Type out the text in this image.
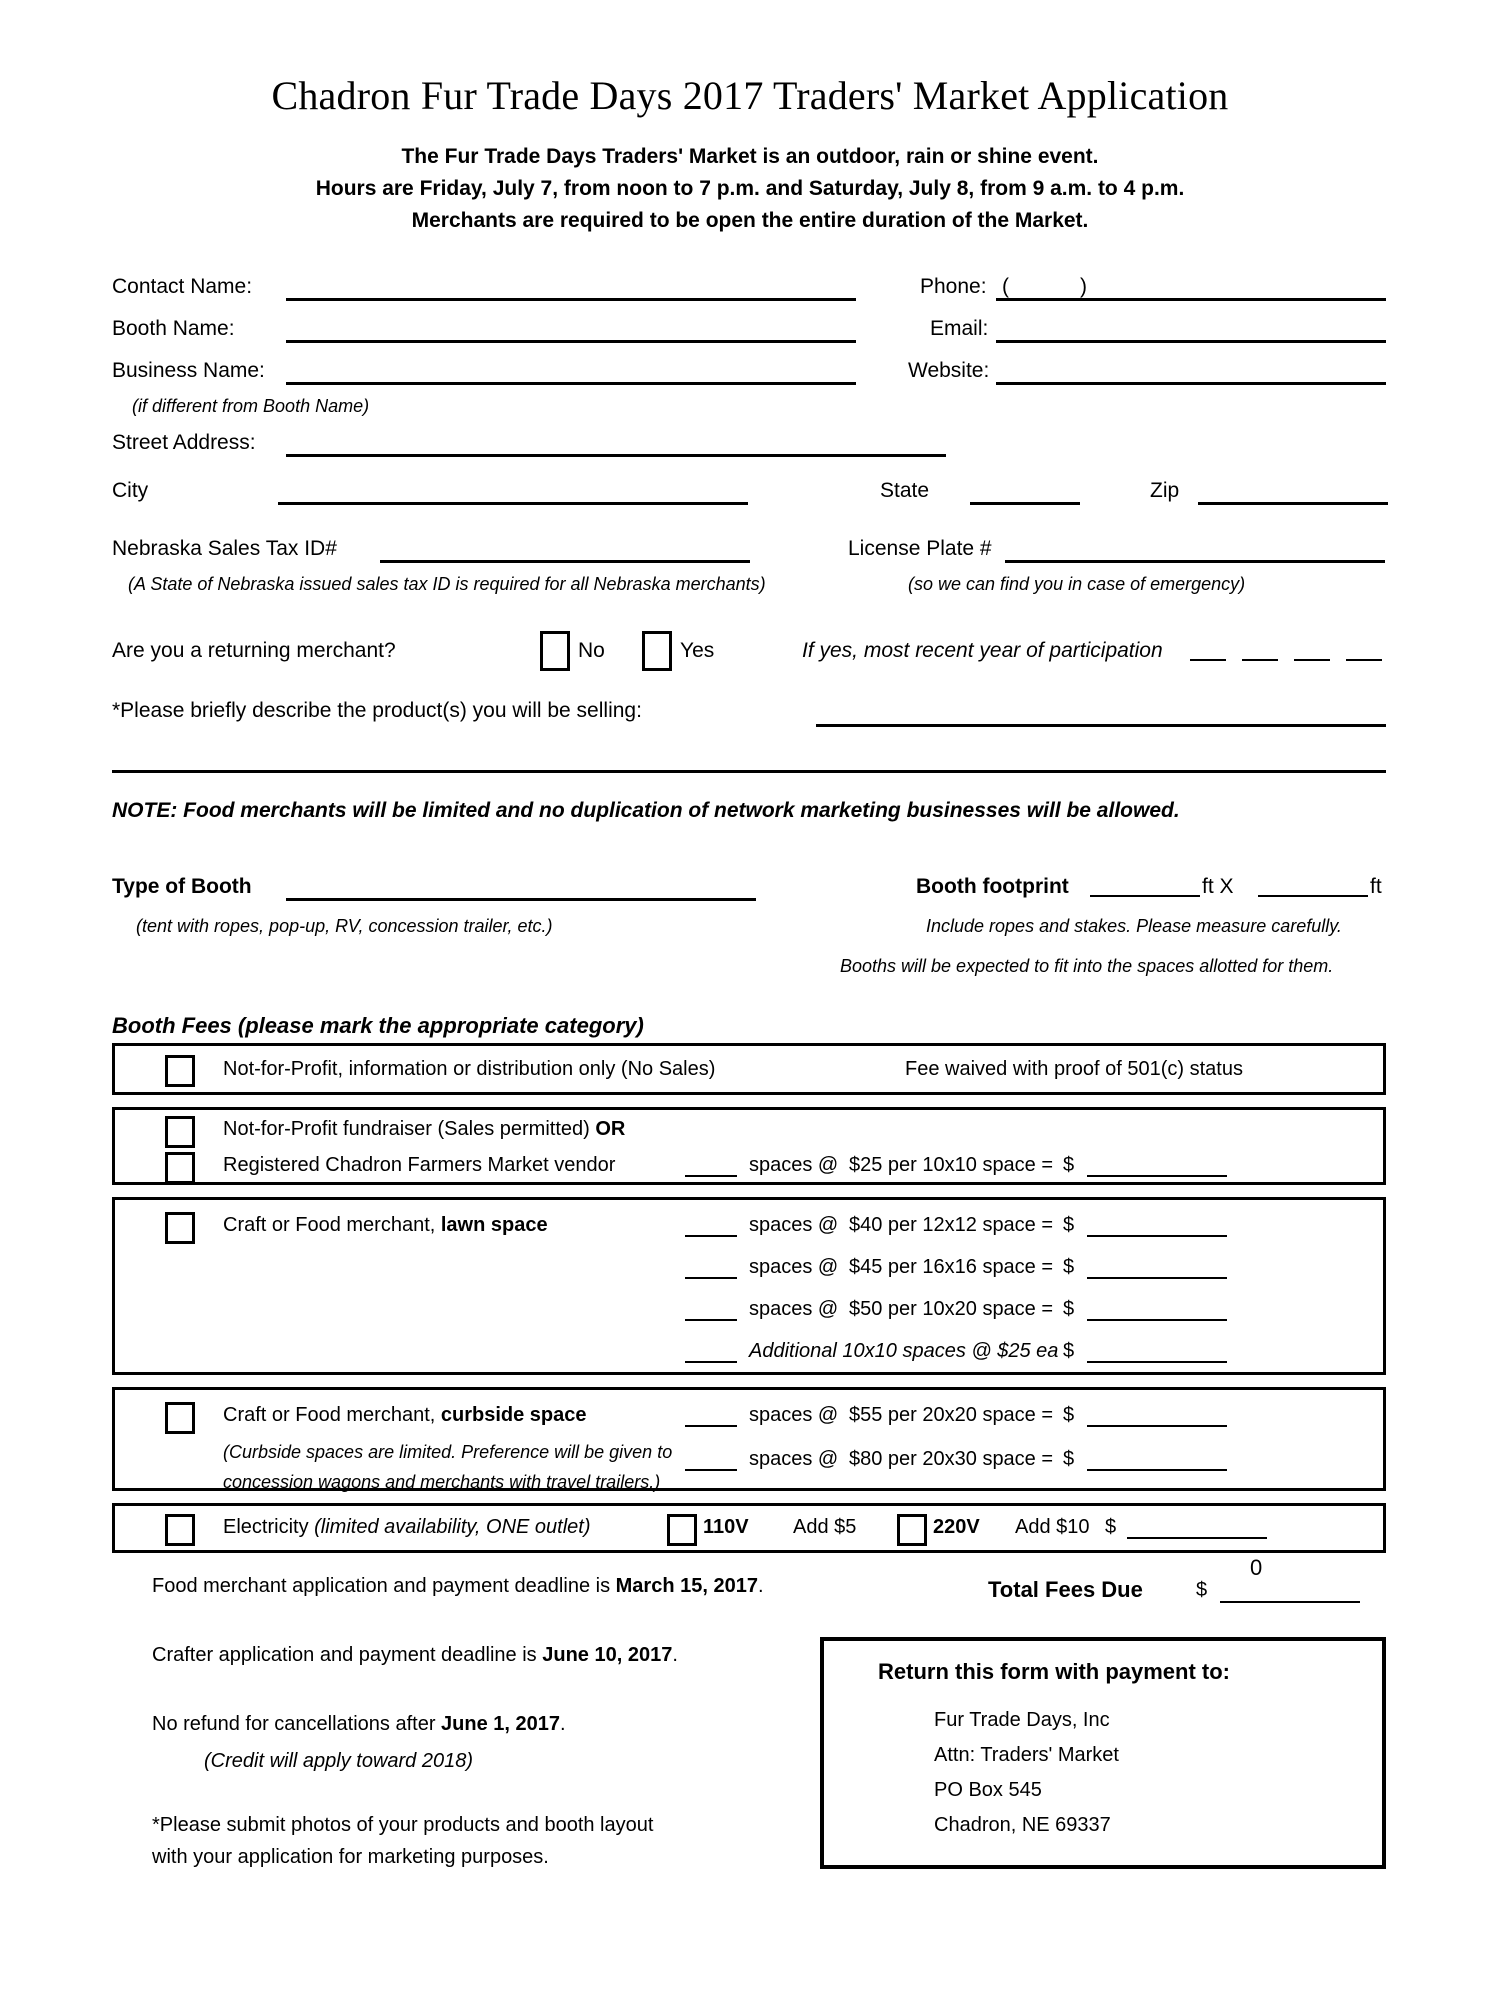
Chadron Fur Trade Days 2017 Traders' Market Application
The Fur Trade Days Traders' Market is an outdoor, rain or shine event.
Hours are Friday, July 7, from noon to 7 p.m. and Saturday, July 8, from 9 a.m. to 4 p.m.
Merchants are required to be open the entire duration of the Market.
Contact Name:	Phone: (	)
Booth Name:	Email:
Business Name:	Website:
(if different from Booth Name)
Street Address:
City	State	Zip
Nebraska Sales Tax ID#	License Plate #
(A State of Nebraska issued sales tax ID is required for all Nebraska merchants)	(so we can find you in case of emergency)
Are you a returning merchant?	No	Yes	If yes, most recent year of participation
*Please briefly describe the product(s) you will be selling:
NOTE: Food merchants will be limited and no duplication of network marketing businesses will be allowed.
Type of Booth	Booth footprint	ft X	ft
(tent with ropes, pop-up, RV, concession trailer, etc.)	Include ropes and stakes. Please measure carefully.
Booths will be expected to fit into the spaces allotted for them.
Booth Fees (please mark the appropriate category)
Not-for-Profit, information or distribution only (No Sales)	Fee waived with proof of 501(c) status
Not-for-Profit fundraiser (Sales permitted) OR
Registered Chadron Farmers Market vendor	spaces @ $25 per 10x10 space = $
Craft or Food merchant, lawn space	spaces @ $40 per 12x12 space = $
spaces @ $45 per 16x16 space = $
spaces @ $50 per 10x20 space = $
Additional 10x10 spaces @ $25 ea $
Craft or Food merchant, curbside space
(Curbside spaces are limited. Preference will be given to
concession wagons and merchants with travel trailers.)
spaces @ $55 per 20x20 space = $
spaces @ $80 per 20x30 space = $
Electricity (limited availability, ONE outlet)	110V Add $5	220V Add $10 $
Food merchant application and payment deadline is March 15, 2017.
Crafter application and payment deadline is June 10, 2017.
No refund for cancellations after June 1, 2017.
(Credit will apply toward 2018)
*Please submit photos of your products and booth layout
with your application for marketing purposes.
Total Fees Due	$
0
Return this form with payment to:
Fur Trade Days, Inc
Attn: Traders' Market
PO Box 545
Chadron, NE 69337
